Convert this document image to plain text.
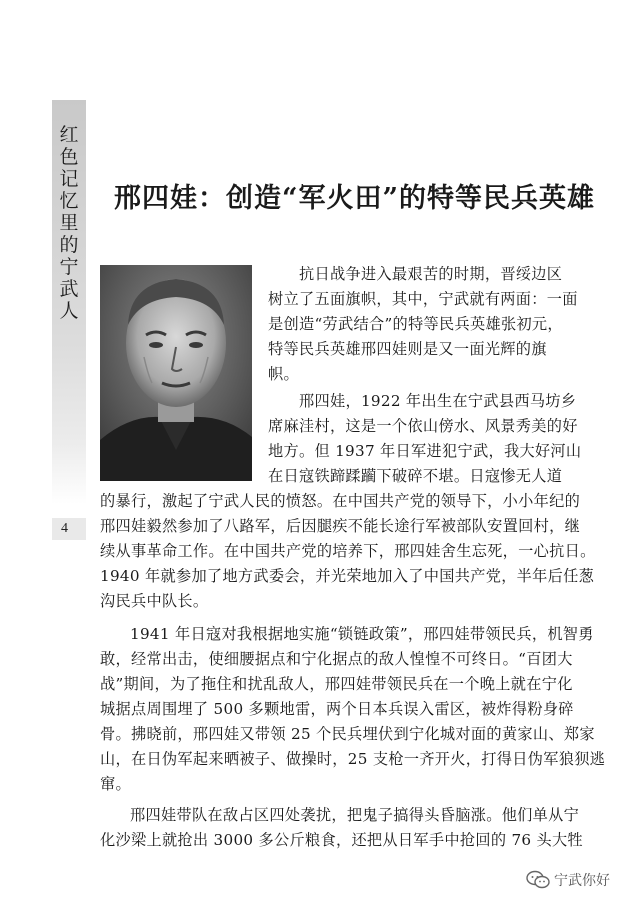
红色记忆里的宁武人
4
邢四娃：创造“军火田”的特等民兵英雄
抗日战争进入最艰苦的时期，晋绥边区
树立了五面旗帜，其中，宁武就有两面：一面
是创造“劳武结合”的特等民兵英雄张初元，
特等民兵英雄邢四娃则是又一面光辉的旗
帜。
邢四娃，1922 年出生在宁武县西马坊乡
席麻洼村，这是一个依山傍水、风景秀美的好
地方。但 1937 年日军进犯宁武，我大好河山
在日寇铁蹄蹂躏下破碎不堪。日寇惨无人道
的暴行，激起了宁武人民的愤怒。在中国共产党的领导下，小小年纪的
邢四娃毅然参加了八路军，后因腿疾不能长途行军被部队安置回村，继
续从事革命工作。在中国共产党的培养下，邢四娃舍生忘死，一心抗日。
1940 年就参加了地方武委会，并光荣地加入了中国共产党，半年后任葱
沟民兵中队长。
1941 年日寇对我根据地实施“锁链政策”，邢四娃带领民兵，机智勇
敢，经常出击，使细腰据点和宁化据点的敌人惶惶不可终日。“百团大
战”期间，为了拖住和扰乱敌人，邢四娃带领民兵在一个晚上就在宁化
城据点周围埋了 500 多颗地雷，两个日本兵误入雷区，被炸得粉身碎
骨。拂晓前，邢四娃又带领 25 个民兵埋伏到宁化城对面的黄家山、郑家
山，在日伪军起来晒被子、做操时，25 支枪一齐开火，打得日伪军狼狈逃
窜。
邢四娃带队在敌占区四处袭扰，把鬼子搞得头昏脑涨。他们单从宁
化沙梁上就抢出 3000 多公斤粮食，还把从日军手中抢回的 76 头大牲
宁武你好
